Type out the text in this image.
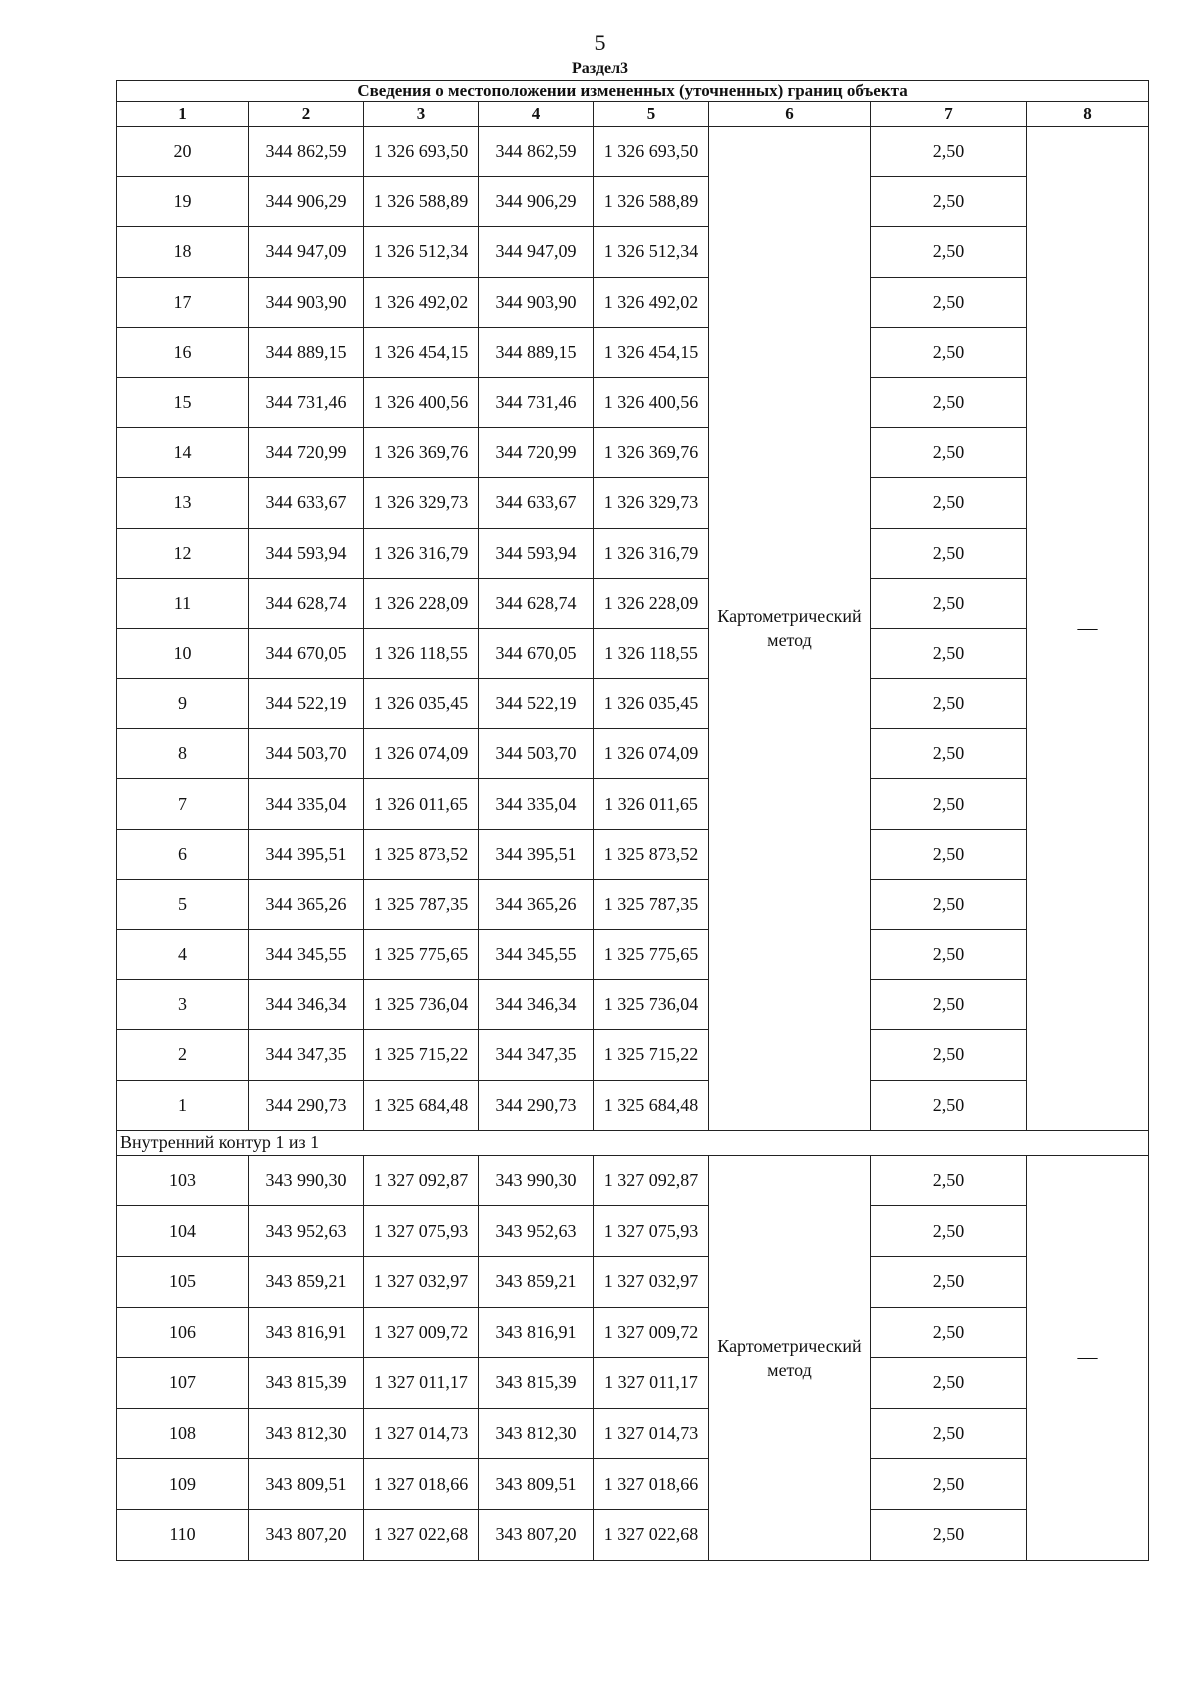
5
Раздел3
Сведения о местоположении измененных (уточненных) границ объекта							
1	2	3	4	5	6	7	8
20	344 862,59	1 326 693,50	344 862,59	1 326 693,50	Картометрический метод	2,50	—
19	344 906,29	1 326 588,89	344 906,29	1 326 588,89		2,50	
18	344 947,09	1 326 512,34	344 947,09	1 326 512,34		2,50	
17	344 903,90	1 326 492,02	344 903,90	1 326 492,02		2,50	
16	344 889,15	1 326 454,15	344 889,15	1 326 454,15		2,50	
15	344 731,46	1 326 400,56	344 731,46	1 326 400,56		2,50	
14	344 720,99	1 326 369,76	344 720,99	1 326 369,76		2,50	
13	344 633,67	1 326 329,73	344 633,67	1 326 329,73		2,50	
12	344 593,94	1 326 316,79	344 593,94	1 326 316,79		2,50	
11	344 628,74	1 326 228,09	344 628,74	1 326 228,09		2,50	
10	344 670,05	1 326 118,55	344 670,05	1 326 118,55		2,50	
9	344 522,19	1 326 035,45	344 522,19	1 326 035,45		2,50	
8	344 503,70	1 326 074,09	344 503,70	1 326 074,09		2,50	
7	344 335,04	1 326 011,65	344 335,04	1 326 011,65		2,50	
6	344 395,51	1 325 873,52	344 395,51	1 325 873,52		2,50	
5	344 365,26	1 325 787,35	344 365,26	1 325 787,35		2,50	
4	344 345,55	1 325 775,65	344 345,55	1 325 775,65		2,50	
3	344 346,34	1 325 736,04	344 346,34	1 325 736,04		2,50	
2	344 347,35	1 325 715,22	344 347,35	1 325 715,22		2,50	
1	344 290,73	1 325 684,48	344 290,73	1 325 684,48		2,50	
Внутренний контур 1 из 1							
103	343 990,30	1 327 092,87	343 990,30	1 327 092,87	Картометрический метод	2,50	—
104	343 952,63	1 327 075,93	343 952,63	1 327 075,93		2,50	
105	343 859,21	1 327 032,97	343 859,21	1 327 032,97		2,50	
106	343 816,91	1 327 009,72	343 816,91	1 327 009,72		2,50	
107	343 815,39	1 327 011,17	343 815,39	1 327 011,17		2,50	
108	343 812,30	1 327 014,73	343 812,30	1 327 014,73		2,50	
109	343 809,51	1 327 018,66	343 809,51	1 327 018,66		2,50	
110	343 807,20	1 327 022,68	343 807,20	1 327 022,68		2,50	
